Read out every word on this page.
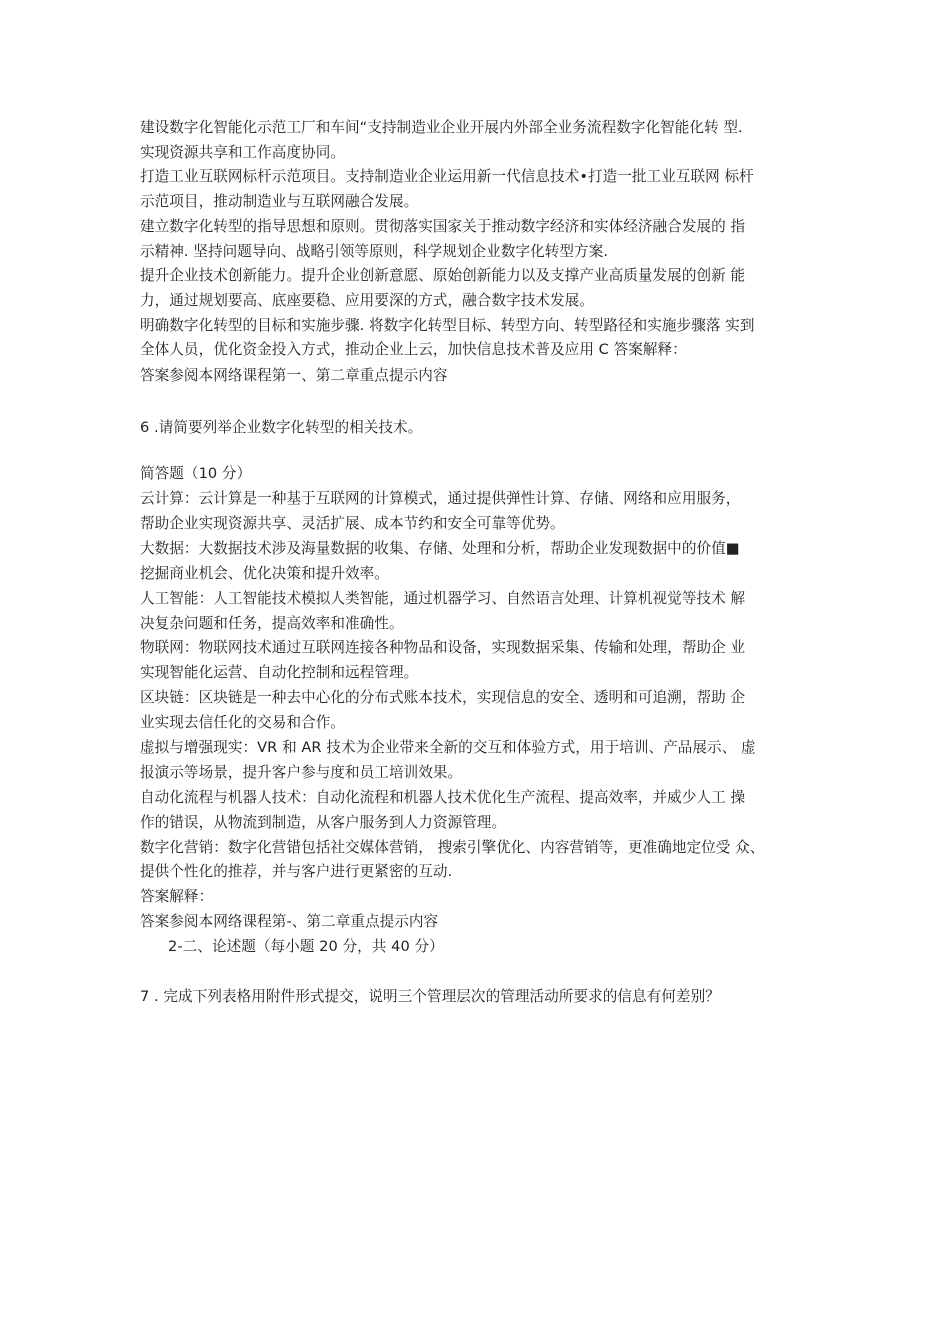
建设数字化智能化示范工厂和车间“支持制造业企业开展内外部全业务流程数字化智能化转 型.
实现资源共享和工作高度协同。
打造工业互联网标杆示范项目。支持制造业企业运用新一代信息技术•打造一批工业互联网 标杆
示范项目，推动制造业与互联网融合发展。
建立数字化转型的指导思想和原则。贯彻落实国家关于推动数字经济和实体经济融合发展的 指
示精神. 坚持问题导向、战略引领等原则，科学规划企业数字化转型方案.
提升企业技术创新能力。提升企业创新意愿、原始创新能力以及支撑产业高质量发展的创新 能
力，通过规划要高、底座要稳、应用要深的方式，融合数字技术发展。
明确数字化转型的目标和实施步骤. 将数字化转型目标、转型方向、转型路径和实施步骤落 实到
全体人员，优化资金投入方式，推动企业上云，加快信息技术普及应用 C 答案解释：
答案参阅本网络课程第一、第二章重点提示内容
6 .请简要列举企业数字化转型的相关技术。
简答题（10 分）
云计算：云计算是一种基于互联网的计算模式，通过提供弹性计算、存储、网络和应用服务，
帮助企业实现资源共享、灵活扩展、成本节约和安全可靠等优势。
大数据：大数据技术涉及海量数据的收集、存储、处理和分析，帮助企业发现数据中的价值■
挖掘商业机会、优化决策和提升效率。
人工智能：人工智能技术模拟人类智能，通过机器学习、自然语言处理、计算机视觉等技术 解
决复杂问题和任务，提高效率和准确性。
物联网：物联网技术通过互联网连接各种物品和设备，实现数据采集、传输和处理，帮助企 业
实现智能化运营、自动化控制和远程管理。
区块链：区块链是一种去中心化的分布式账本技术，实现信息的安全、透明和可追溯，帮助 企
业实现去信任化的交易和合作。
虚拟与增强现实：VR 和 AR 技术为企业带来全新的交互和体验方式，用于培训、产品展示、 虚
报演示等场景，提升客户参与度和员工培训效果。
自动化流程与机器人技术：自动化流程和机器人技术优化生产流程、提高效率，并威少人工 操
作的错误，从物流到制造，从客户服务到人力资源管理。
数字化营销：数字化营错包括社交媒体营销， 搜索引擎优化、内容营销等，更准确地定位受 众、
提供个性化的推荐，并与客户进行更紧密的互动.
答案解释：
答案参阅本网络课程第-、第二章重点提示内容
2-二、论述题（每小题 20 分，共 40 分）
7 . 完成下列表格用附件形式提交，说明三个管理层次的管理活动所要求的信息有何差别？
